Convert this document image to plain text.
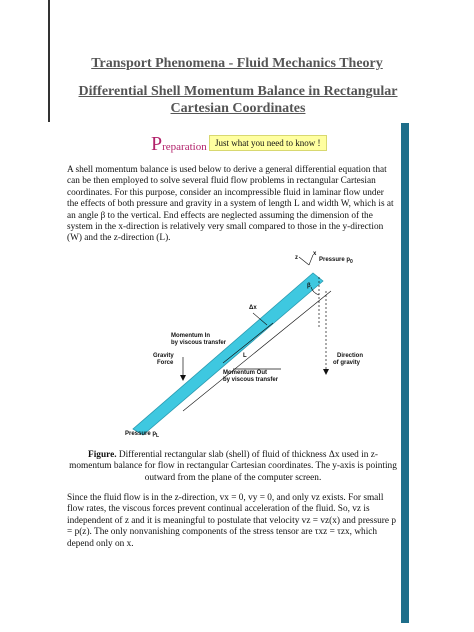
Transport Phenomena - Fluid Mechanics Theory
Differential Shell Momentum Balance in Rectangular Cartesian Coordinates
Preparation Just what you need to know !

A shell momentum balance is used below to derive a general differential equation that can be then employed to solve several fluid flow problems in rectangular Cartesian coordinates. For this purpose, consider an incompressible fluid in laminar flow under the effects of both pressure and gravity in a system of length L and width W, which is at an angle β to the vertical. End effects are neglected assuming the dimension of the system in the x-direction is relatively very small compared to those in the y-direction (W) and the z-direction (L).

Pressure $p_0$
z
x
β
Δx
L
Momentum In
by viscous transfer
Momentum Out
by viscous transfer
Gravity
Force
Direction
of gravity
Pressure $p_L$

Figure. Differential rectangular slab (shell) of fluid of thickness Δx used in z-momentum balance for flow in rectangular Cartesian coordinates. The y-axis is pointing outward from the plane of the computer screen.

Since the fluid flow is in the z-direction, vx = 0, vy = 0, and only vz exists. For small flow rates, the viscous forces prevent continual acceleration of the fluid. So, vz is independent of z and it is meaningful to postulate that velocity vz = vz(x) and pressure p = p(z). The only nonvanishing components of the stress tensor are τxz = τzx, which depend only on x.
